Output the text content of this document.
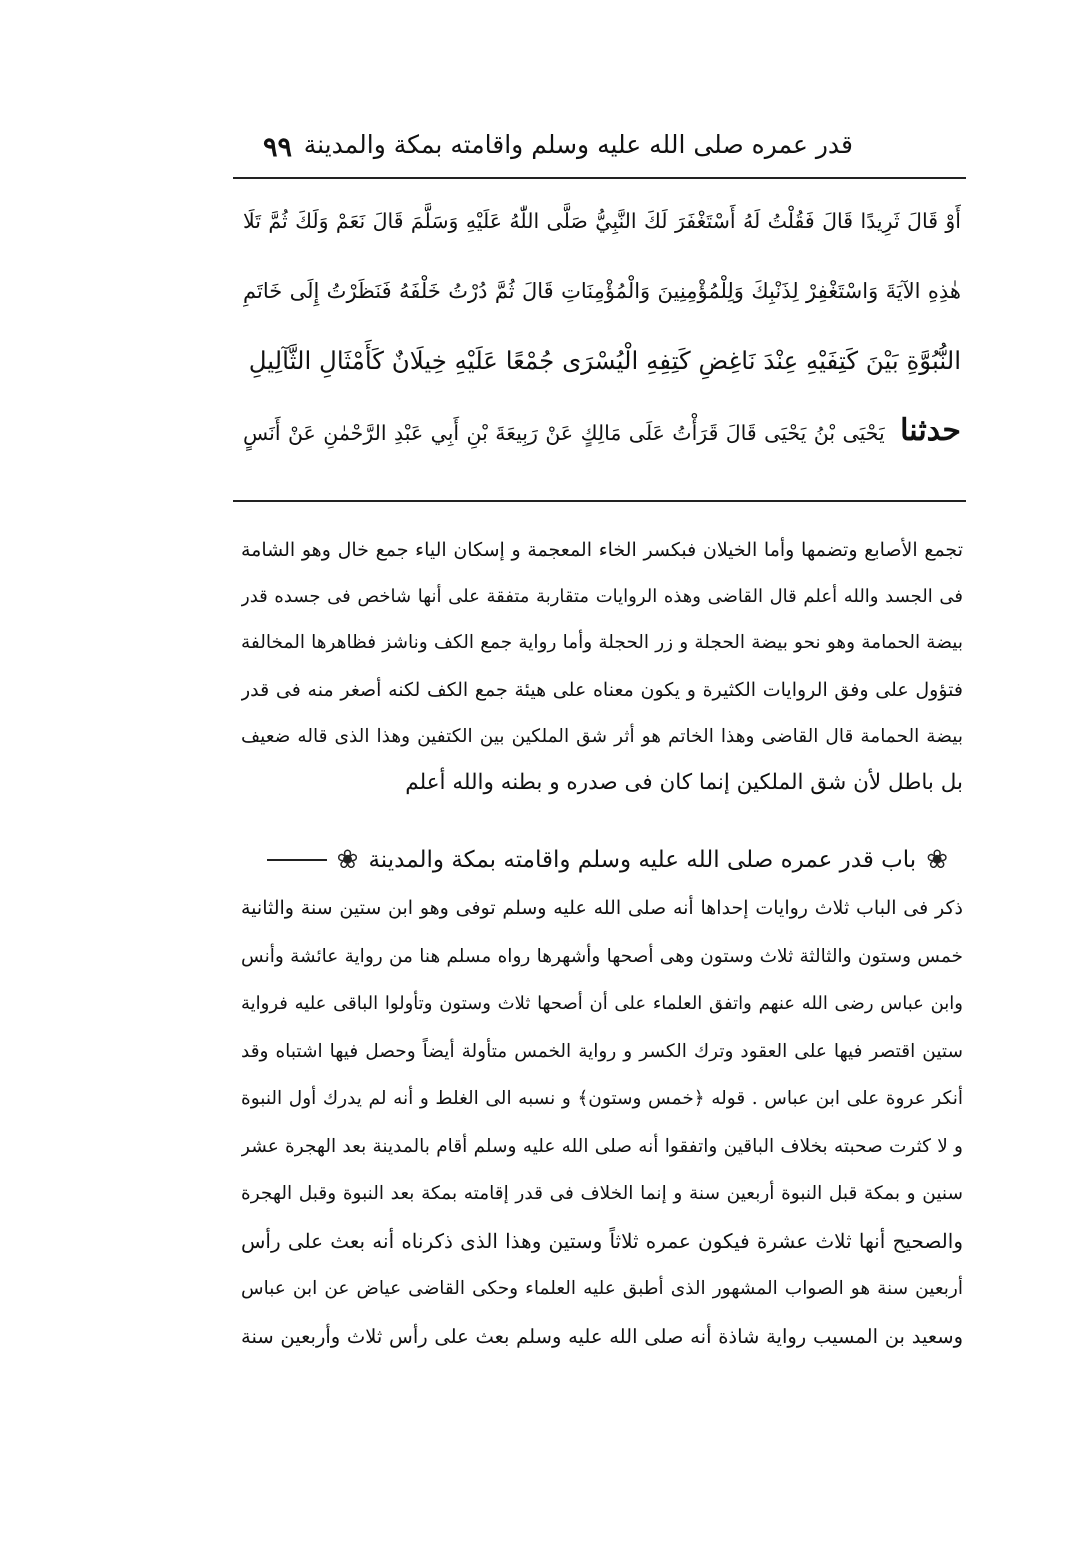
قدر عمره صلى الله عليه وسلم واقامته بمكة والمدينة
٩٩
أَوْ قَالَ ثَرِيدًا قَالَ فَقُلْتُ لَهُ أَسْتَغْفَرَ لَكَ النَّبِيُّ صَلَّى اللّٰهُ عَلَيْهِ وَسَلَّمَ قَالَ نَعَمْ وَلَكَ ثُمَّ تَلَا
هٰذِهِ الآيَةَ وَاسْتَغْفِرْ لِذَنْبِكَ وَلِلْمُؤْمِنِينَ وَالْمُؤْمِنَاتِ قَالَ ثُمَّ دُرْتُ خَلْفَهُ فَنَظَرْتُ إِلَى خَاتَمِ
النُّبُوَّةِ بَيْنَ كَتِفَيْهِ عِنْدَ نَاغِضِ كَتِفِهِ الْيُسْرَى جُمْعًا عَلَيْهِ خِيلَانٌ كَأَمْثَالِ الثَّآلِيلِ
حدثنا يَحْيَى بْنُ يَحْيَى قَالَ قَرَأْتُ عَلَى مَالِكٍ عَنْ رَبِيعَةَ بْنِ أَبِي عَبْدِ الرَّحْمٰنِ عَنْ أَنَسٍ
تجمع الأصابع وتضمها وأما الخيلان فبكسر الخاء المعجمة و إسكان الياء جمع خال وهو الشامة
فى الجسد والله أعلم قال القاضى وهذه الروايات متقاربة متفقة على أنها شاخص فى جسده قدر
بيضة الحمامة وهو نحو بيضة الحجلة و زر الحجلة وأما رواية جمع الكف وناشز فظاهرها المخالفة
فتؤول على وفق الروايات الكثيرة و يكون معناه على هيئة جمع الكف لكنه أصغر منه فى قدر
بيضة الحمامة قال القاضى وهذا الخاتم هو أثر شق الملكين بين الكتفين وهذا الذى قاله ضعيف
بل باطل لأن شق الملكين إنما كان فى صدره و بطنه والله أعلم
❀
باب قدر عمره صلى الله عليه وسلم واقامته بمكة والمدينة
❀
ذكر فى الباب ثلاث روايات إحداها أنه صلى الله عليه وسلم توفى وهو ابن ستين سنة والثانية
خمس وستون والثالثة ثلاث وستون وهى أصحها وأشهرها رواه مسلم هنا من رواية عائشة وأنس
وابن عباس رضى الله عنهم واتفق العلماء على أن أصحها ثلاث وستون وتأولوا الباقى عليه فرواية
ستين اقتصر فيها على العقود وترك الكسر و رواية الخمس متأولة أيضاً وحصل فيها اشتباه وقد
أنكر عروة على ابن عباس . قوله ﴿خمس وستون﴾ و نسبه الى الغلط و أنه لم يدرك أول النبوة
و لا كثرت صحبته بخلاف الباقين واتفقوا أنه صلى الله عليه وسلم أقام بالمدينة بعد الهجرة عشر
سنين و بمكة قبل النبوة أربعين سنة و إنما الخلاف فى قدر إقامته بمكة بعد النبوة وقبل الهجرة
والصحيح أنها ثلاث عشرة فيكون عمره ثلاثاً وستين وهذا الذى ذكرناه أنه بعث على رأس
أربعين سنة هو الصواب المشهور الذى أطبق عليه العلماء وحكى القاضى عياض عن ابن عباس
وسعيد بن المسيب رواية شاذة أنه صلى الله عليه وسلم بعث على رأس ثلاث وأربعين سنة
